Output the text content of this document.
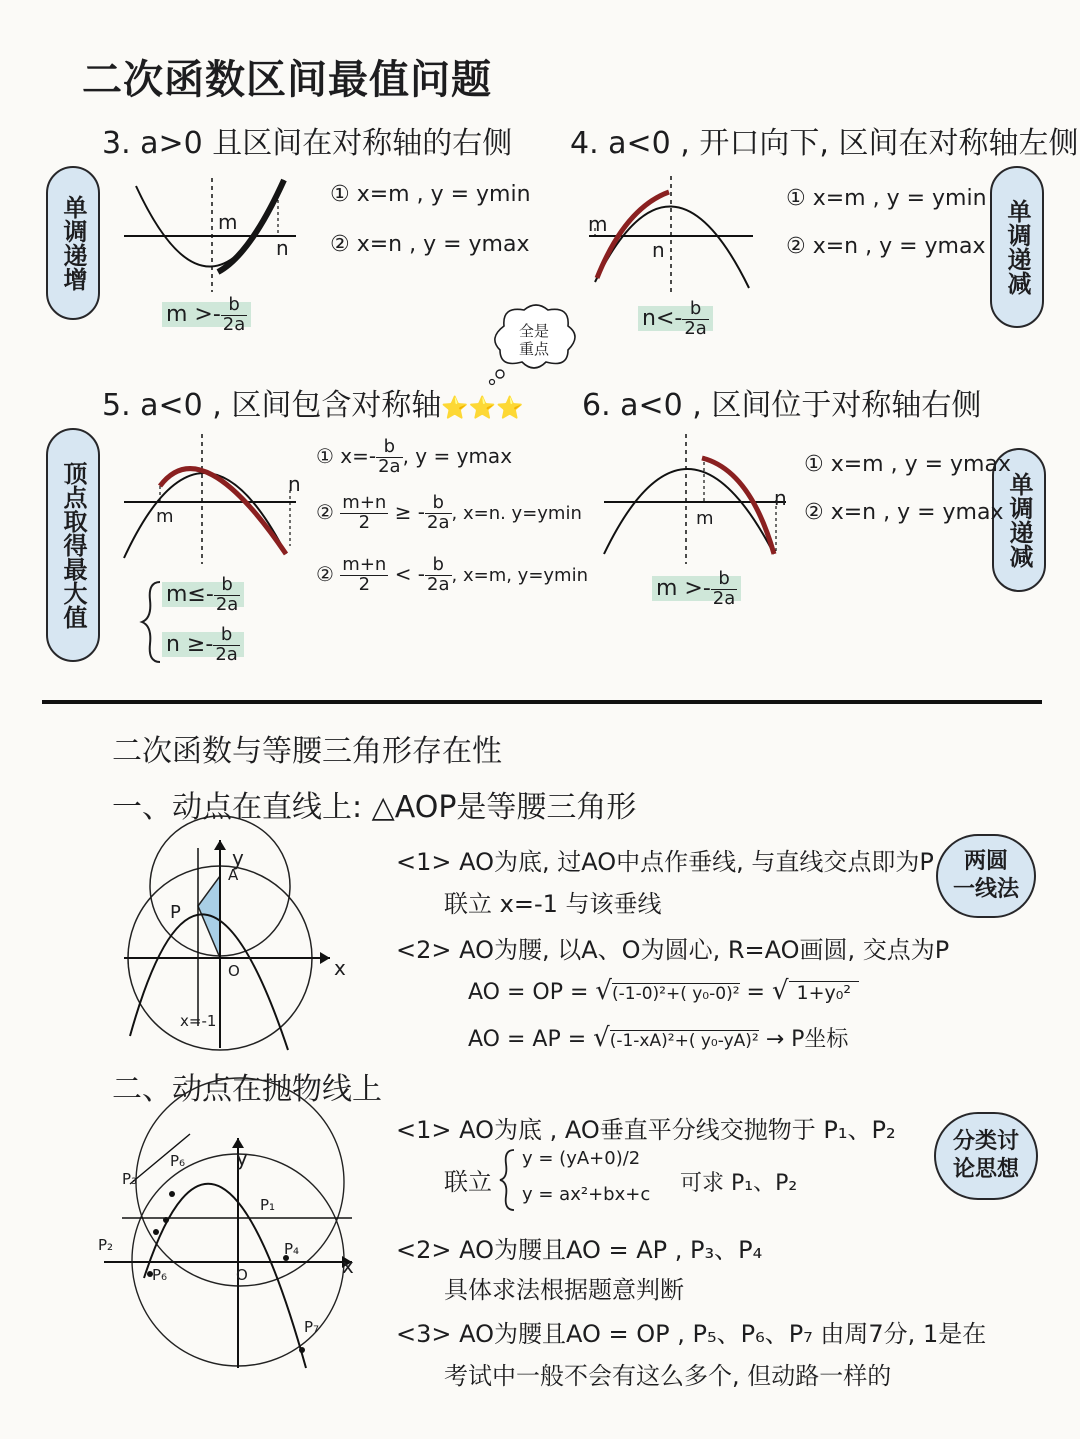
二次函数区间最值问题
3. a>0 且区间在对称轴的右侧
单调递增	m
n
$m >- \frac{b}{2a}$
① x=m , y = ymin
② x=n , y = ymax
4. a<0 , 开口向下, 区间在对称轴左侧
单调递减
m
n
$n<- \frac{b}{2a}$
① x=m , y = ymin
② x=n , y = ymax
全是
重点
5. a<0 , 区间包含对称轴⭐⭐⭐
顶点取得最大值	m
n
$m\le- \frac{b}{2a}$
$n \ge- \frac{b}{2a}$
① $x=- \frac{b}{2a}$ , y = ymax
② $\frac{m+n}{2}$ ≥ - $\frac{b}{2a}$ , x=n. y=ymin
② $\frac{m+n}{2}$ < - $\frac{b}{2a}$ , x=m, y=ymin
6. a<0 , 区间位于对称轴右侧
单调递减
m
n
$m >- \frac{b}{2a}$
① x=m , y = ymax
② x=n , y = ymax
二次函数与等腰三角形存在性
一、动点在直线上: △AOP是等腰三角形
y
x
A
O
P
x=-1
<1> AO为底, 过AO中点作垂线, 与直线交点即为P
联立 x=-1 与该垂线
<2> AO为腰, 以A、O为圆心, R=AO画圆, 交点为P
AO = OP = √(-1-0)²+( y₀-0)² = √ 1+y₀²
AO = AP = √(-1-xA)²+( y₀-yA)² → P坐标
两圆
一线法
二、动点在抛物线上
y
x
O
P₁
P₂
P₃
P₄
P₆
P₆
P₇
<1> AO为底 , AO垂直平分线交抛物于 P₁、P₂
联立
y = (yA+0)/2
y = ax²+bx+c 可求 P₁、P₂
<2> AO为腰且AO = AP , P₃、P₄
具体求法根据题意判断
<3> AO为腰且AO = OP , P₅、P₆、P₇ 由周7分, 1是在
考试中一般不会有这么多个, 但动路一样的
分类讨
论思想
